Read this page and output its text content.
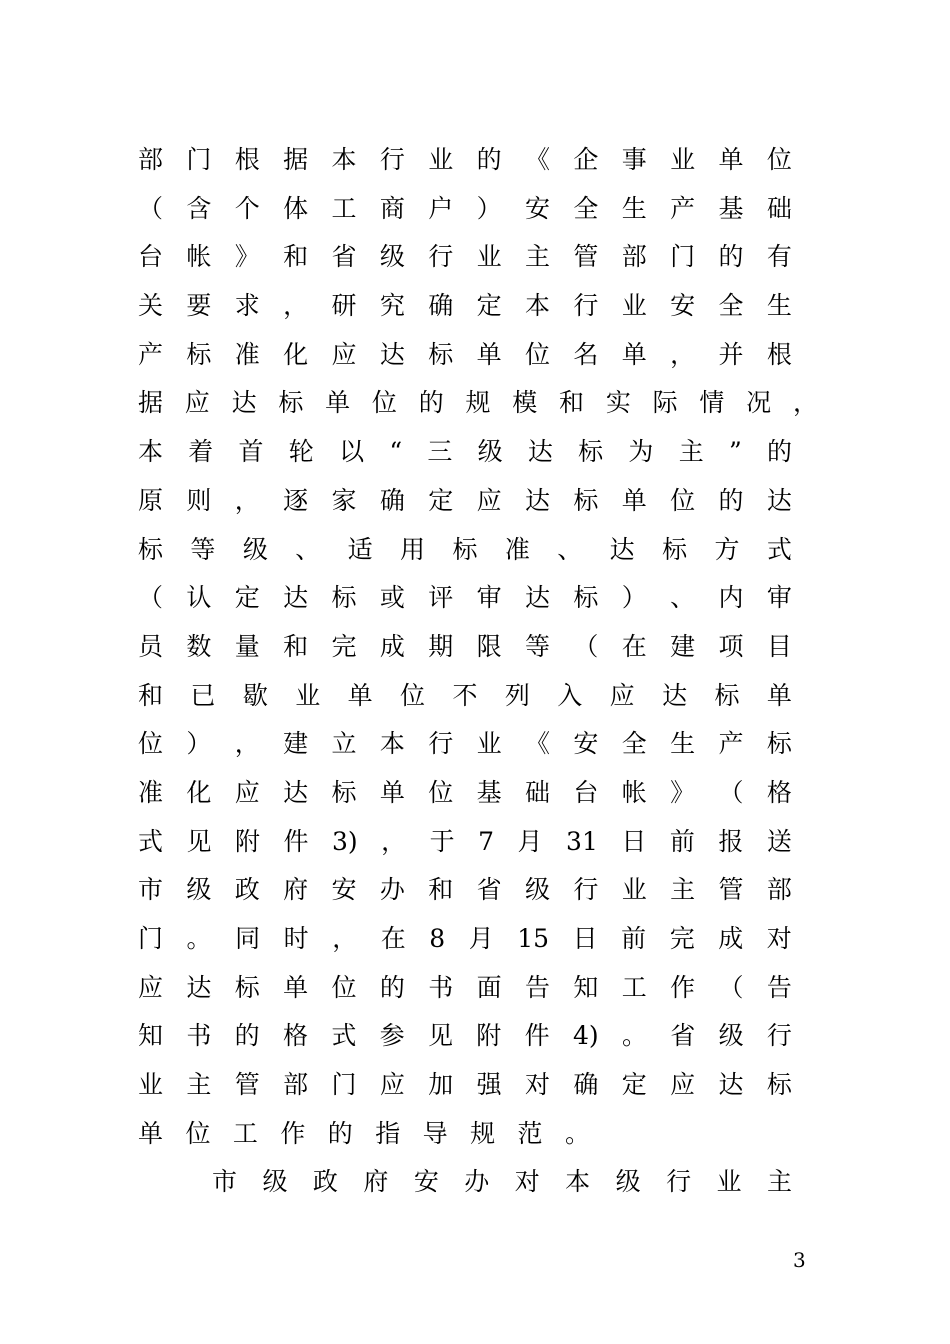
部 门 根 据 本 行 业 的 《 企 事 业 单 位
（ 含 个 体 工 商 户 ） 安 全 生 产 基 础
台 帐 》 和 省 级 行 业 主 管 部 门 的 有
关 要 求 ， 研 究 确 定 本 行 业 安 全 生
产 标 准 化 应 达 标 单 位 名 单 ， 并 根
据 应 达 标 单 位 的 规 模 和 实 际 情 况 ，
本 着 首 轮 以 “ 三 级 达 标 为 主 ” 的
原 则 ， 逐 家 确 定 应 达 标 单 位 的 达
标 等 级 、 适 用 标 准 、 达 标 方 式
（ 认 定 达 标 或 评 审 达 标 ） 、 内 审
员 数 量 和 完 成 期 限 等 （ 在 建 项 目
和 已 歇 业 单 位 不 列 入 应 达 标 单
位 ） ， 建 立 本 行 业 《 安 全 生 产 标
准 化 应 达 标 单 位 基 础 台 帐 》 （ 格
式 见 附 件 3) ， 于 7 月 31 日 前 报 送
市 级 政 府 安 办 和 省 级 行 业 主 管 部
门 。 同 时 ， 在 8 月 15 日 前 完 成 对
应 达 标 单 位 的 书 面 告 知 工 作 （ 告
知 书 的 格 式 参 见 附 件 4) 。 省 级 行
业 主 管 部 门 应 加 强 对 确 定 应 达 标
单 位 工 作 的 指 导 规 范 。
市 级 政 府 安 办 对 本 级 行 业 主
3
